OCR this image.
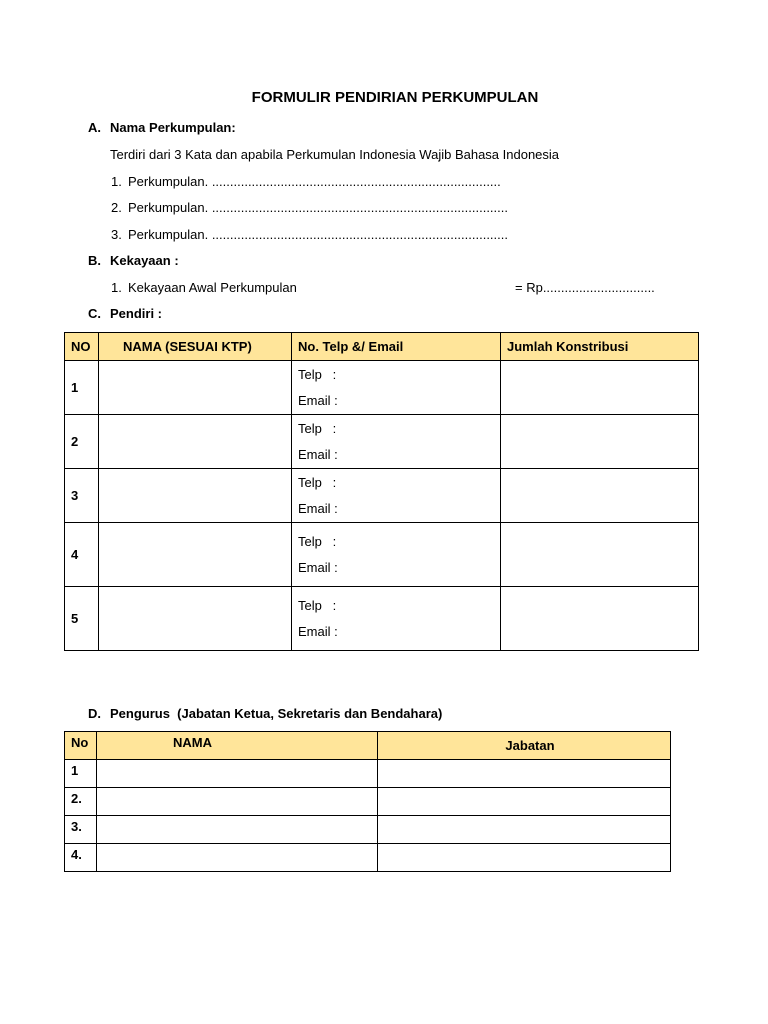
FORMULIR PENDIRIAN PERKUMPULAN
A. Nama Perkumpulan:
Terdiri dari 3 Kata dan apabila Perkumulan Indonesia Wajib Bahasa Indonesia
1. Perkumpulan. ................................................................................
2. Perkumpulan. ..................................................................................
3. Perkumpulan. ..................................................................................
B. Kekayaan :
1. Kekayaan Awal Perkumpulan	= Rp...............................
C. Pendiri :
NO	NAMA (SESUAI KTP)	No. Telp &/ Email	Jumlah Konstribusi
1		Telp   :
Email :	

2		Telp   :
Email :	

3		Telp   :
Email :	

4		Telp   :
Email :	

5		Telp   :
Email :	

D. Pengurus  (Jabatan Ketua, Sekretaris dan Bendahara)
No	NAMA	Jabatan
1		
2.		
3.		
4.		
